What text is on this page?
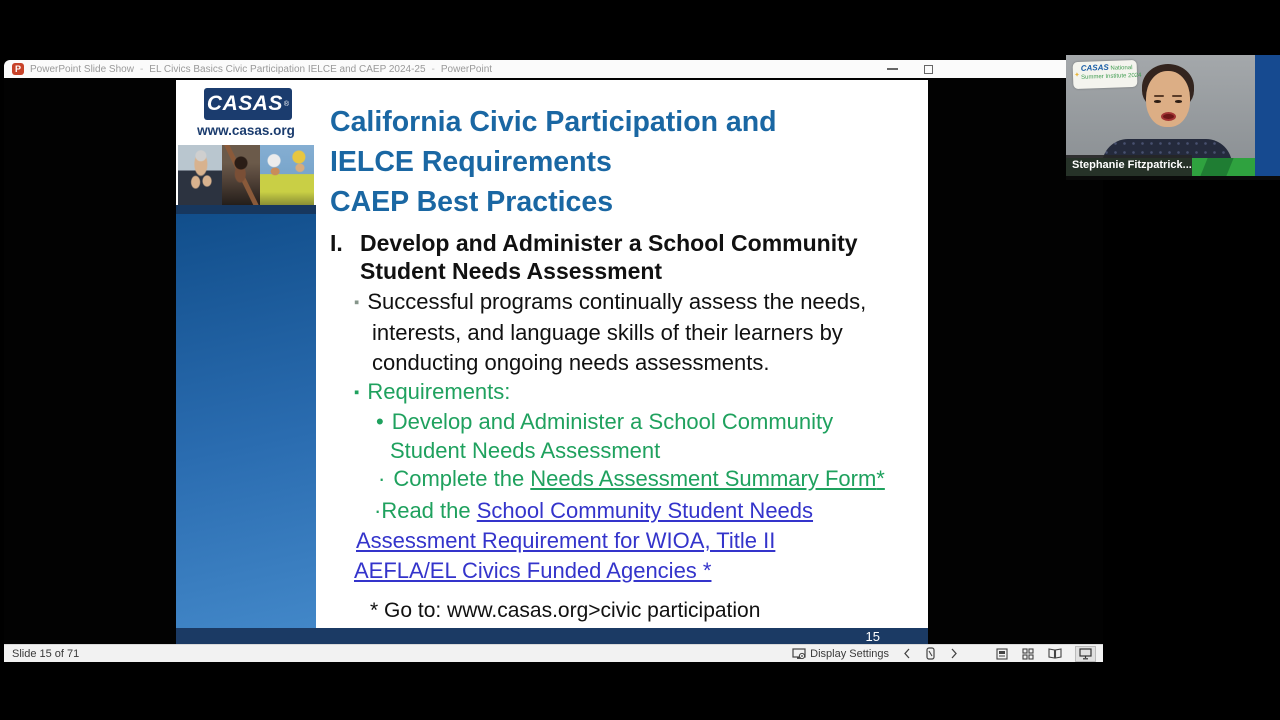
P PowerPoint Slide Show - EL Civics Basics Civic Participation IELCE and CAEP 2024-25 - PowerPoint
CASAS ®
www.casas.org	California Civic Participation and
IELCE Requirements
CAEP Best Practices
I. Develop and Administer a School Community
Student Needs Assessment
▪ Successful programs continually assess the needs,
interests, and language skills of their learners by
conducting ongoing needs assessments.
▪ Requirements:
• Develop and Administer a School Community
Student Needs Assessment
· Complete the Needs Assessment Summary Form*
·Read the School Community Student Needs
Assessment Requirement for WIOA, Title II
AEFLA/EL Civics Funded Agencies *
* Go to: www.casas.org>civic participation
15
Slide 15 of 71	Display Settings
Stephanie Fitzpatrick...
✦
CASAS National
Summer Institute 2024
